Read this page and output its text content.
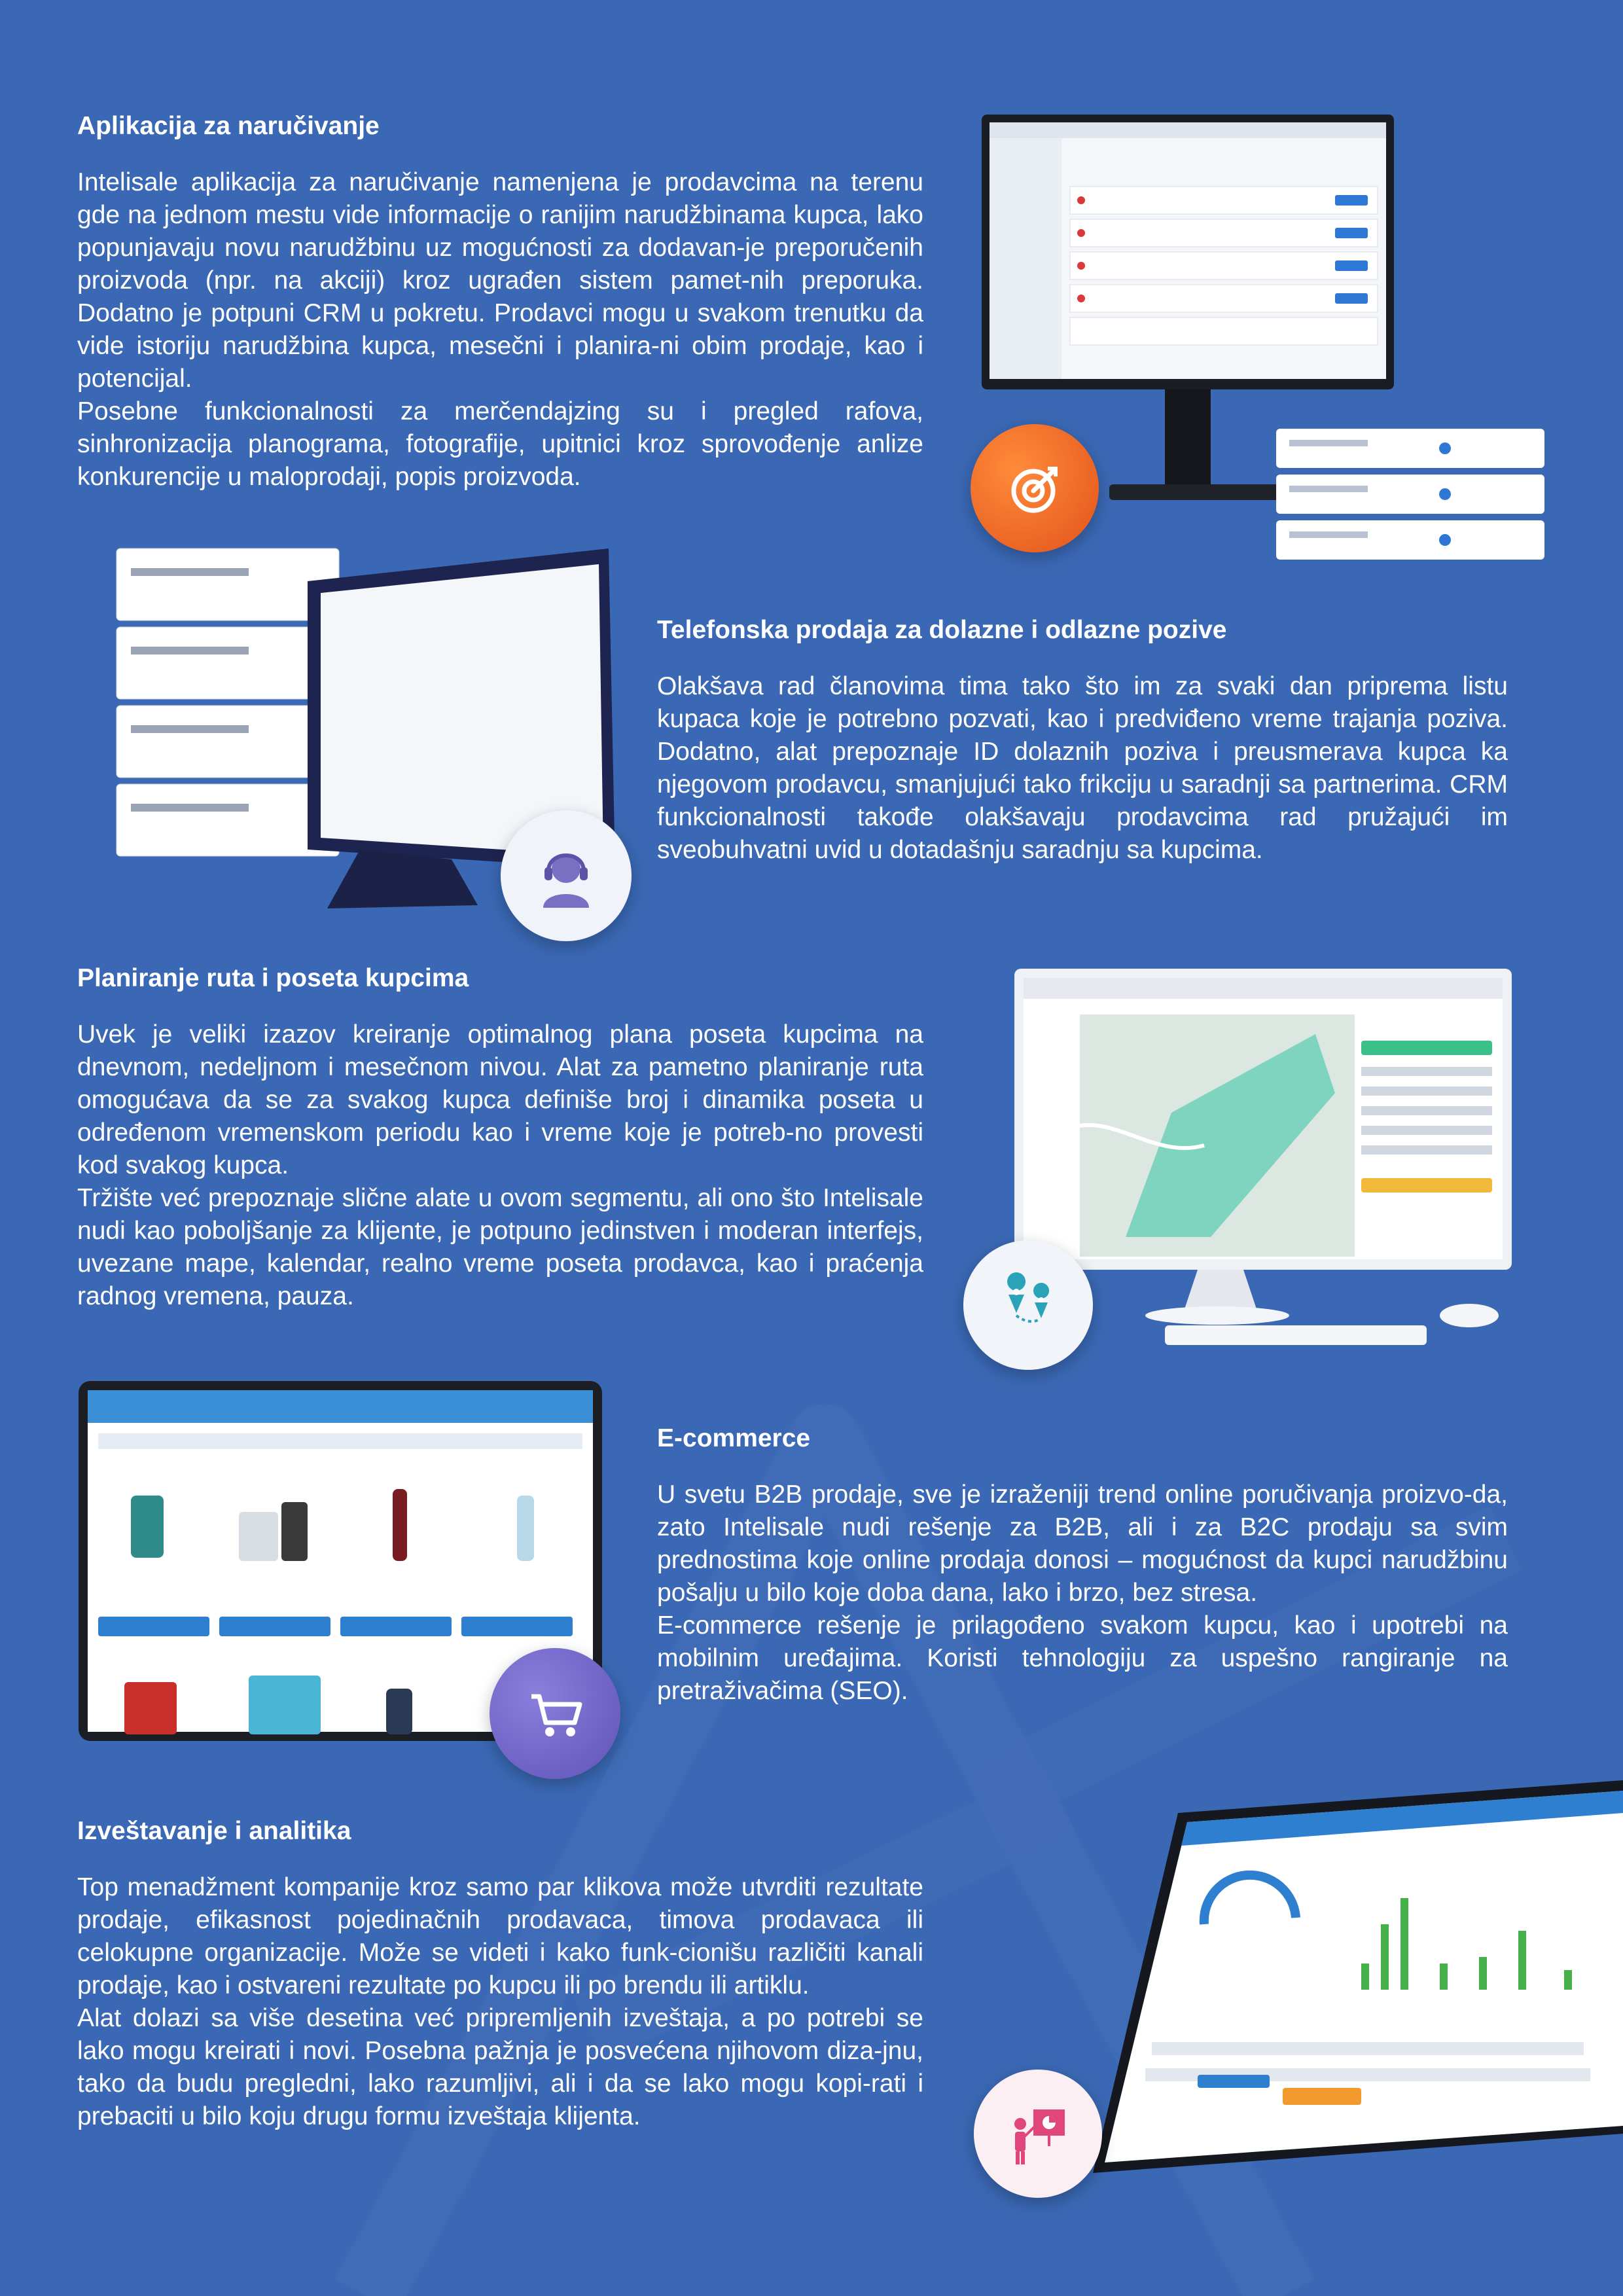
Aplikacija za naručivanje

Intelisale aplikacija za naručivanje namenjena je prodavcima na terenu gde na jednom mestu vide informacije o ranijim narudžbinama kupca, lako popunjavaju novu narudžbinu uz mogućnosti za dodavan-je preporučenih proizvoda (npr. na akciji) kroz ugrađen sistem pamet-nih preporuka. Dodatno je potpuni CRM u pokretu. Prodavci mogu u svakom trenutku da vide istoriju narudžbina kupca, mesečni i planira-ni obim prodaje, kao i potencijal.

Posebne funkcionalnosti za merčendajzing su i pregled rafova, sinhronizacija planograma, fotografije, upitnici kroz sprovođenje anlize konkurencije u maloprodaji, popis proizvoda.

Telefonska prodaja za dolazne i odlazne pozive

Olakšava rad članovima tima tako što im za svaki dan priprema listu kupaca koje je potrebno pozvati, kao i predviđeno vreme trajanja poziva. Dodatno, alat prepoznaje ID dolaznih poziva i preusmerava kupca ka njegovom prodavcu, smanjujući tako frikciju u saradnji sa partnerima. CRM funkcionalnosti takođe olakšavaju prodavcima rad pružajući im sveobuhvatni uvid u dotadašnju saradnju sa kupcima.

Planiranje ruta i poseta kupcima

Uvek je veliki izazov kreiranje optimalnog plana poseta kupcima na dnevnom, nedeljnom i mesečnom nivou. Alat za pametno planiranje ruta omogućava da se za svakog kupca definiše broj i dinamika poseta u određenom vremenskom periodu kao i vreme koje je potreb-no provesti kod svakog kupca.

Tržište već prepoznaje slične alate u ovom segmentu, ali ono što Intelisale nudi kao poboljšanje za klijente, je potpuno jedinstven i moderan interfejs, uvezane mape, kalendar, realno vreme poseta prodavca, kao i praćenja radnog vremena, pauza.

E-commerce

U svetu B2B prodaje, sve je izraženiji trend online poručivanja proizvo-da, zato Intelisale nudi rešenje za B2B, ali i za B2C prodaju sa svim prednostima koje online prodaja donosi – mogućnost da kupci narudžbinu pošalju u bilo koje doba dana, lako i brzo, bez stresa.

E-commerce rešenje je prilagođeno svakom kupcu, kao i upotrebi na mobilnim uređajima. Koristi tehnologiju za uspešno rangiranje na pretraživačima (SEO).

Izveštavanje i analitika

Top menadžment kompanije kroz samo par klikova može utvrditi rezultate prodaje, efikasnost pojedinačnih prodavaca, timova prodavaca ili celokupne organizacije. Može se videti i kako funk-cionišu različiti kanali prodaje, kao i ostvareni rezultate po kupcu ili po brendu ili artiklu.

Alat dolazi sa više desetina već pripremljenih izveštaja, a po potrebi se lako mogu kreirati i novi. Posebna pažnja je posvećena njihovom diza-jnu, tako da budu pregledni, lako razumljivi, ali i da se lako mogu kopi-rati i prebaciti u bilo koju drugu formu izveštaja klijenta.
